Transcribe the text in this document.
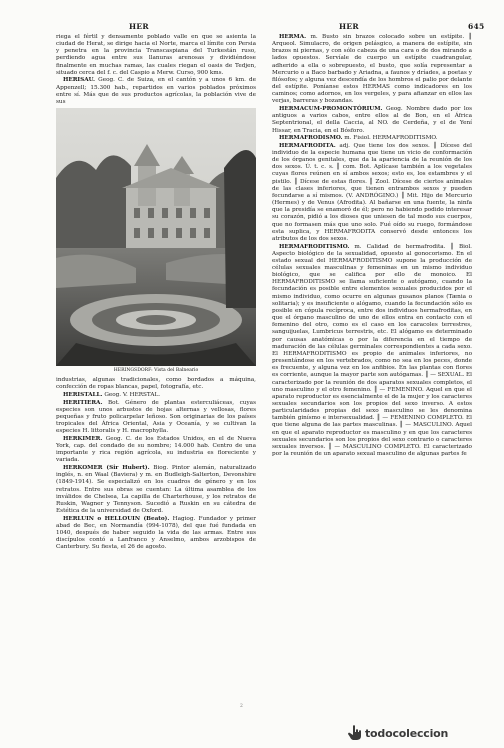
HER	HER	645

riega el fértil y densamente poblado valle en que se asienta la ciudad de Herat, se dirige hacia el Norte, marca el límite con Persia y penetra en la provincia Transcaspiana del Turkestán ruso, perdiendo agua entre sus llanuras arenosas y dividiéndose finalmente en muchas ramas, las cuales riegan el oasis de Tedjen, situado cerca del f. c. del Caspio a Merw. Curso, 900 kms.

HERISAU. Geog. C. de Suiza, en el cantón y a unos 6 km. de Appenzell; 15.300 hab., repartidos en varios poblados próximos entre sí. Más que de sus productos agrícolas, la población vive de sus

HERINGSDORF: Vista del Balneario

industrias, algunas tradicionales, como bordados a máquina, confección de ropas blancas, papel, fotografía, etc.

HERISTALL. Geog. V. HERSTAL.

HERITIERA. Bot. Género de plantas esterculiáceas, cuyas especies son unos arbustos de hojas alternas y vellosas, flores pequeñas y fruto policarpelar leñoso. Son originarias de los países tropicales del África Oriental, Asia y Oceanía, y se cultivan la especies H. littoralis y H. macrophylla.

HERKIMER. Geog. C. de los Estados Unidos, en el de Nueva York, cap. del condado de su nombre; 14.000 hab. Centro de una importante y rica región agrícola, su industria es floreciente y variada.

HERKOMER (Sir Hubert). Biog. Pintor alemán, naturalizado inglés, n. en Waal (Baviera) y m. en Budleigh-Salterton, Devonshire (1849-1914). Se especializó en los cuadros de género y en los retratos. Entre sus obras se cuentan: La última asamblea de los inválidos de Chelsea, La capilla de Charterhouse, y los retratos de Ruskin, Wagner y Tennyson. Sucedió a Ruskin en su cátedra de Estética de la universidad de Oxford.

HERLUIN o HELLOUIN (Beato). Hagiog. Fundador y primer abad de Bec, en Normandía (994-1078), del que fué fundada en 1040, después de haber seguido la vida de las armas. Entre sus discípulos contó a Lanfranco y Anselmo, ambos arzobispos de Canterbury. Su fiesta, el 26 de agosto.

HERMA. m. Busto sin brazos colocado sobre un estípite. ║ Arqueol. Simulacro, de origen pelásgico, a manera de estípite, sin brazos ni piernas, y con sólo cabeza de una cara o de dos mirando a lados opuestos. Servíale de cuerpo un estípite cuadrangular, adherido a ella o sobrepuesto, el busto, que solía representar a Mercurio o a Baco barbado y Ariadna, a faunos y dríades, a poetas y filósofos; y alguna vez descendía de los hombros el palio por delante del estípite. Poníanse estos HERMAS como indicadores en los caminos; como adornos, en los vergeles, y para afianzar en ellos las verjas, barreras y bozandas.

HERMACUM-PROMONTÓRIUM. Geog. Nombre dado por los antiguos a varios cabos, entre ellos al de Bon, en el África Septentrional, el della Caccia, al NO. de Cerdeña, y el de Yení Hissar, en Tracia, en el Bósforo.

HERMAFRODISMO. m. Fisiol. HERMAFRODITISMO.

HERMAFRODITA. adj. Que tiene los dos sexos. ║ Dícese del individuo de la especie humana que tiene un vicio de conformación de los órganos genitales, que da la apariencia de la reunión de los dos sexos. Ú. t. c. s. ║ com. Bot. Aplícase también a los vegetales cuyas flores reúnen en sí ambos sexos; esto es, los estambres y el pistilo. ║ Dícese de estas flores. ║ Zool. Dícese de ciertos animales de las clases inferiores, que tienen entrambos sexos y pueden fecundarse a sí mismos. (V. ANDRÓGINO.) ║ Mit. Hijo de Mercurio (Hermes) y de Venus (Afrodita). Al bañarse en una fuente, la ninfa que la presidía se enamoró de él; pero no habiendo podido interesar su corazón, pidió a los dioses que uniesen de tal modo sus cuerpos, que no formasen más que uno solo. Fué oído su ruego, formándose esta suplica, y HERMAFRODITA conservó desde entonces los atributos de los dos sexos.

HERMAFRODITISMO. m. Calidad de hermafrodita. ║ Biol. Aspecto biológico de la sexualidad, opuesto al gonocorismo. En el estado sexual del HERMAFRODITISMO supone la producción de células sexuales masculinas y femeninas en un mismo individuo biológico, que se califica por ello de monoico. El HERMAFRODITISMO se llama suficiente o autógamo, cuando la fecundación es posible entre elementos sexuales producidos por el mismo individuo, como ocurre en algunas gusanos planos (Tænia o solitaria); y es insuficiente o alógamo, cuando la fecundación sólo es posible en cópula recíproca, entre dos individuos hermafroditas, en que el órgano masculino de uno de ellos entra en contacto con el femenino del otro, como es el caso en los caracoles terrestres, sanguijuelas, Lumbricus terrestris, etc. El alógamo es determinado por causas anatómicas o por la diferencia en el tiempo de maduración de las células germinales correspondientes a cada sexo. El HERMAFRODITISMO es propio de animales inferiores, no presentándose en los vertebrados, como no sea en los peces, donde es frecuente, y alguna vez en los anfibios. En las plantas con flores es corriente, aunque la mayor parte son autógamas. ║ — SEXUAL. El caracterizado por la reunión de dos aparatos sexuales completos, el uno masculino y el otro femenino. ║ — FEMENINO. Aquel en que el aparato reproductor es esencialmente el de la mujer y los caracteres sexuales secundarios son los propios del sexo inverso. A estos particularidades propias del sexo masculino se les denomina también ginísmo e intersexualidad. ║ — FEMENINO COMPLETO. El que tiene alguna de las partes masculinas. ║ — MASCULINO. Aquel en que el aparato reproductor es masculino y en que los caracteres sexuales secundarios son los propios del sexo contrario o caracteres sexuales inversos. ║ — MASCULINO COMPLETO. El caracterizado por la reunión de un aparato sexual masculino de algunas partes fe

2
todocoleccion
